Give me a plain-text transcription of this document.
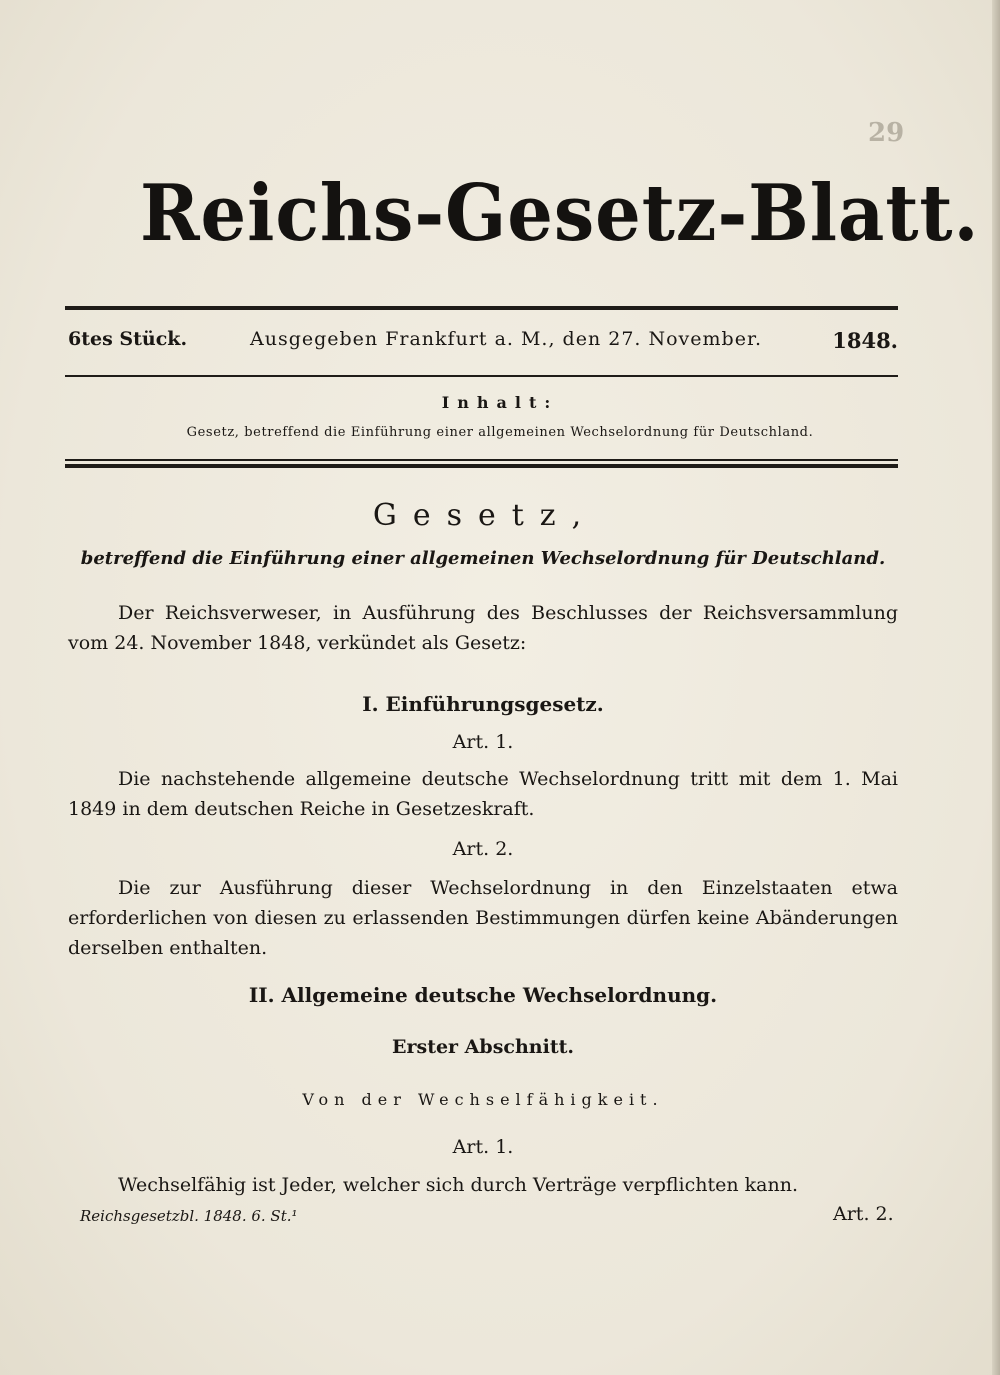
29
Reichs-Gesetz-Blatt.
6tes Stück.	Ausgegeben Frankfurt a. M., den 27. November.	1848.
Inhalt:
Gesetz, betreffend die Einführung einer allgemeinen Wechselordnung für Deutschland.
Gesetz,
betreffend die Einführung einer allgemeinen Wechselordnung für Deutschland.
Der Reichsverweser, in Ausführung des Beschlusses der Reichsversammlung vom 24. November 1848, verkündet als Gesetz:
I. Einführungsgesetz.
Art. 1.
Die nachstehende allgemeine deutsche Wechselordnung tritt mit dem 1. Mai 1849 in dem deutschen Reiche in Gesetzeskraft.
Art. 2.
Die zur Ausführung dieser Wechselordnung in den Einzelstaaten etwa erforderlichen von diesen zu erlassenden Bestimmungen dürfen keine Abänderungen derselben enthalten.
II. Allgemeine deutsche Wechselordnung.
Erster Abschnitt.
Von der Wechselfähigkeit.
Art. 1.
Wechselfähig ist Jeder, welcher sich durch Verträge verpflichten kann.
Reichsgesetzbl. 1848. 6. St.¹	Art. 2.
